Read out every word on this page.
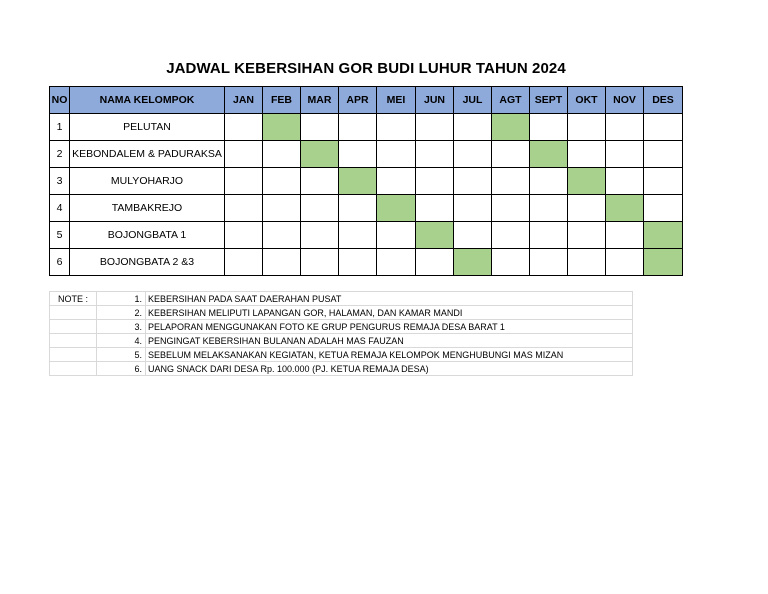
JADWAL KEBERSIHAN GOR BUDI LUHUR TAHUN 2024
NO	NAMA KELOMPOK	JAN	FEB	MAR	APR	MEI	JUN	JUL	AGT	SEPT	OKT	NOV	DES
1	PELUTAN												
2	KEBONDALEM & PADURAKSA												
3	MULYOHARJO												
4	TAMBAKREJO												
5	BOJONGBATA 1												
6	BOJONGBATA 2 &3												
NOTE :	1.	KEBERSIHAN PADA SAAT DAERAHAN PUSAT
	2.	KEBERSIHAN MELIPUTI LAPANGAN GOR, HALAMAN, DAN KAMAR MANDI
	3.	PELAPORAN MENGGUNAKAN FOTO KE GRUP PENGURUS REMAJA DESA BARAT 1
	4.	PENGINGAT KEBERSIHAN BULANAN ADALAH MAS FAUZAN
	5.	SEBELUM MELAKSANAKAN KEGIATAN, KETUA REMAJA KELOMPOK MENGHUBUNGI MAS MIZAN
	6.	UANG SNACK DARI DESA Rp. 100.000 (PJ. KETUA REMAJA DESA)
